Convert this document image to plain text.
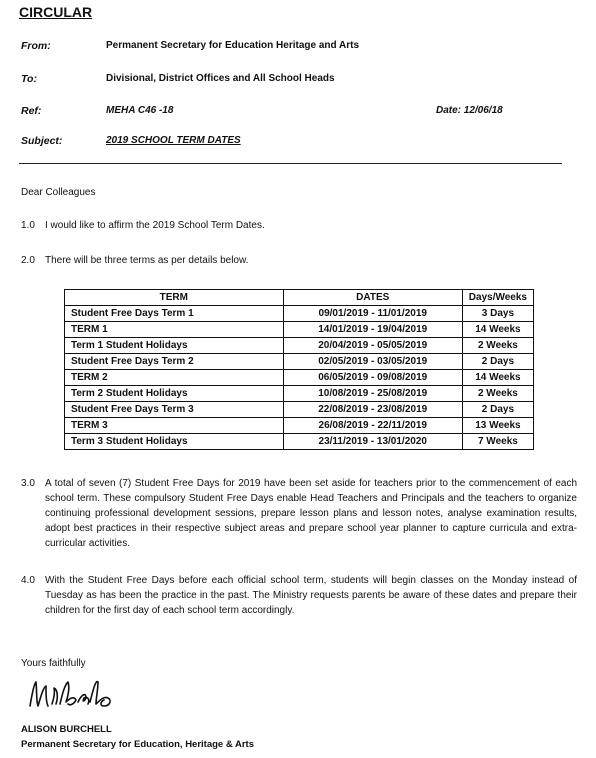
CIRCULAR
From:	Permanent Secretary for Education Heritage and Arts
To:	Divisional, District Offices and All School Heads
Ref:	MEHA C46 -18	Date: 12/06/18
Subject:	2019 SCHOOL TERM DATES
Dear Colleagues
1.0 I would like to affirm the 2019 School Term Dates.
2.0 There will be three terms as per details below.
TERM	DATES	Days/Weeks
Student Free Days Term 1	09/01/2019 - 11/01/2019	3 Days
TERM 1	14/01/2019 - 19/04/2019	14 Weeks
Term 1 Student Holidays	20/04/2019 - 05/05/2019	2 Weeks
Student Free Days Term 2	02/05/2019 - 03/05/2019	2 Days
TERM 2	06/05/2019 - 09/08/2019	14 Weeks
Term 2 Student Holidays	10/08/2019 - 25/08/2019	2 Weeks
Student Free Days Term 3	22/08/2019 - 23/08/2019	2 Days
TERM 3	26/08/2019 - 22/11/2019	13 Weeks
Term 3 Student Holidays	23/11/2019 - 13/01/2020	7 Weeks
3.0 A total of seven (7) Student Free Days for 2019 have been set aside for teachers prior to the commencement of each school term. These compulsory Student Free Days enable Head Teachers and Principals and the teachers to organize continuing professional development sessions, prepare lesson plans and lesson notes, analyse examination results, adopt best practices in their respective subject areas and prepare school year planner to capture curricula and extra-curricular activities.
4.0 With the Student Free Days before each official school term, students will begin classes on the Monday instead of Tuesday as has been the practice in the past. The Ministry requests parents be aware of these dates and prepare their children for the first day of each school term accordingly.
Yours faithfully
ALISON BURCHELL
Permanent Secretary for Education, Heritage & Arts
